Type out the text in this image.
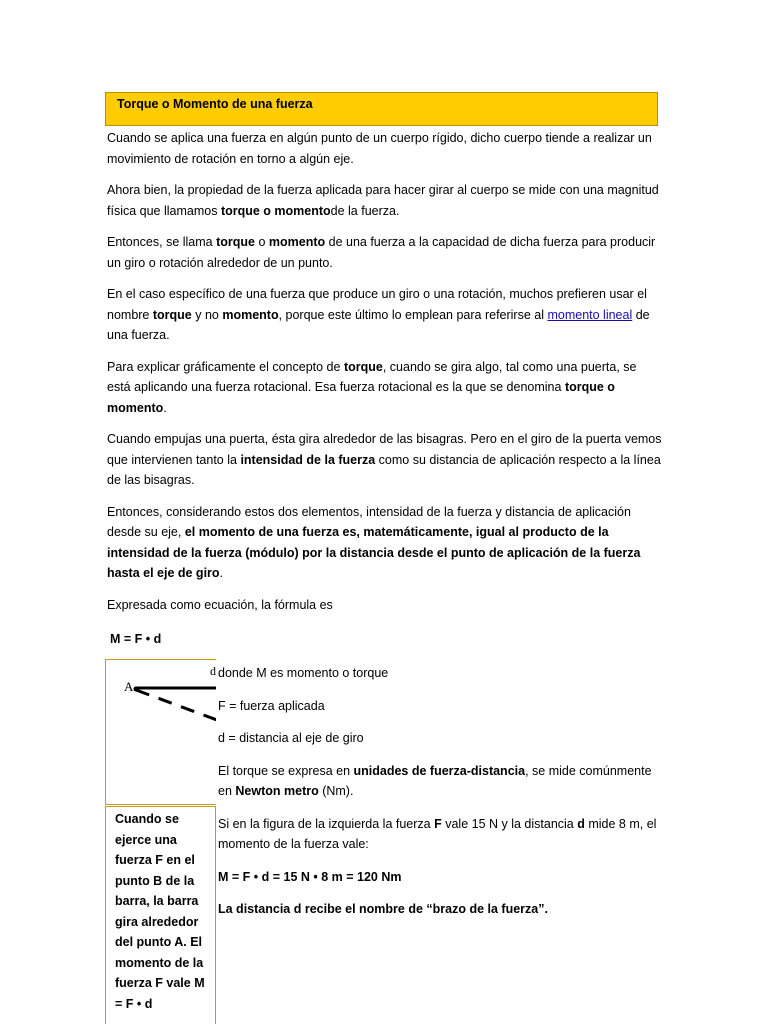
Torque o Momento de una fuerza

Cuando se aplica una fuerza en algún punto de un cuerpo rígido, dicho cuerpo tiende a realizar un movimiento de rotación en torno a algún eje.

Ahora bien, la propiedad de la fuerza aplicada para hacer girar al cuerpo se mide con una magnitud física que llamamos torque o momentode la fuerza.

Entonces, se llama torque o momento de una fuerza a la capacidad de dicha fuerza para producir un giro o rotación alrededor de un punto.

En el caso específico de una fuerza que produce un giro o una rotación, muchos prefieren usar el nombre torque y no momento, porque este último lo emplean para referirse al momento lineal de una fuerza.

Para explicar gráficamente el concepto de torque, cuando se gira algo, tal como una puerta, se está aplicando una fuerza rotacional. Esa fuerza rotacional es la que se denomina torque o momento.

Cuando empujas una puerta, ésta gira alrededor de las bisagras. Pero en el giro de la puerta vemos que intervienen tanto la intensidad de la fuerza como su distancia de aplicación respecto a la línea de las bisagras.

Entonces, considerando estos dos elementos, intensidad de la fuerza y distancia de aplicación desde su eje, el momento de una fuerza es, matemáticamente, igual al producto de la intensidad de la fuerza (módulo) por la distancia desde el punto de aplicación de la fuerza hasta el eje de giro.

Expresada como ecuación, la fórmula es

M = F • d
A
d
Cuando se ejerce una fuerza F en el punto B de la barra, la barra gira alrededor del punto A. El momento de la fuerza F vale M = F • d

donde M es momento o torque

F = fuerza aplicada

d = distancia al eje de giro

El torque se expresa en unidades de fuerza-distancia, se mide comúnmente en Newton metro (Nm).

Si en la figura de la izquierda la fuerza F vale 15 N y la distancia d mide 8 m, el momento de la fuerza vale:

M = F • d = 15 N • 8 m = 120 Nm

La distancia d recibe el nombre de “brazo de la fuerza”.
